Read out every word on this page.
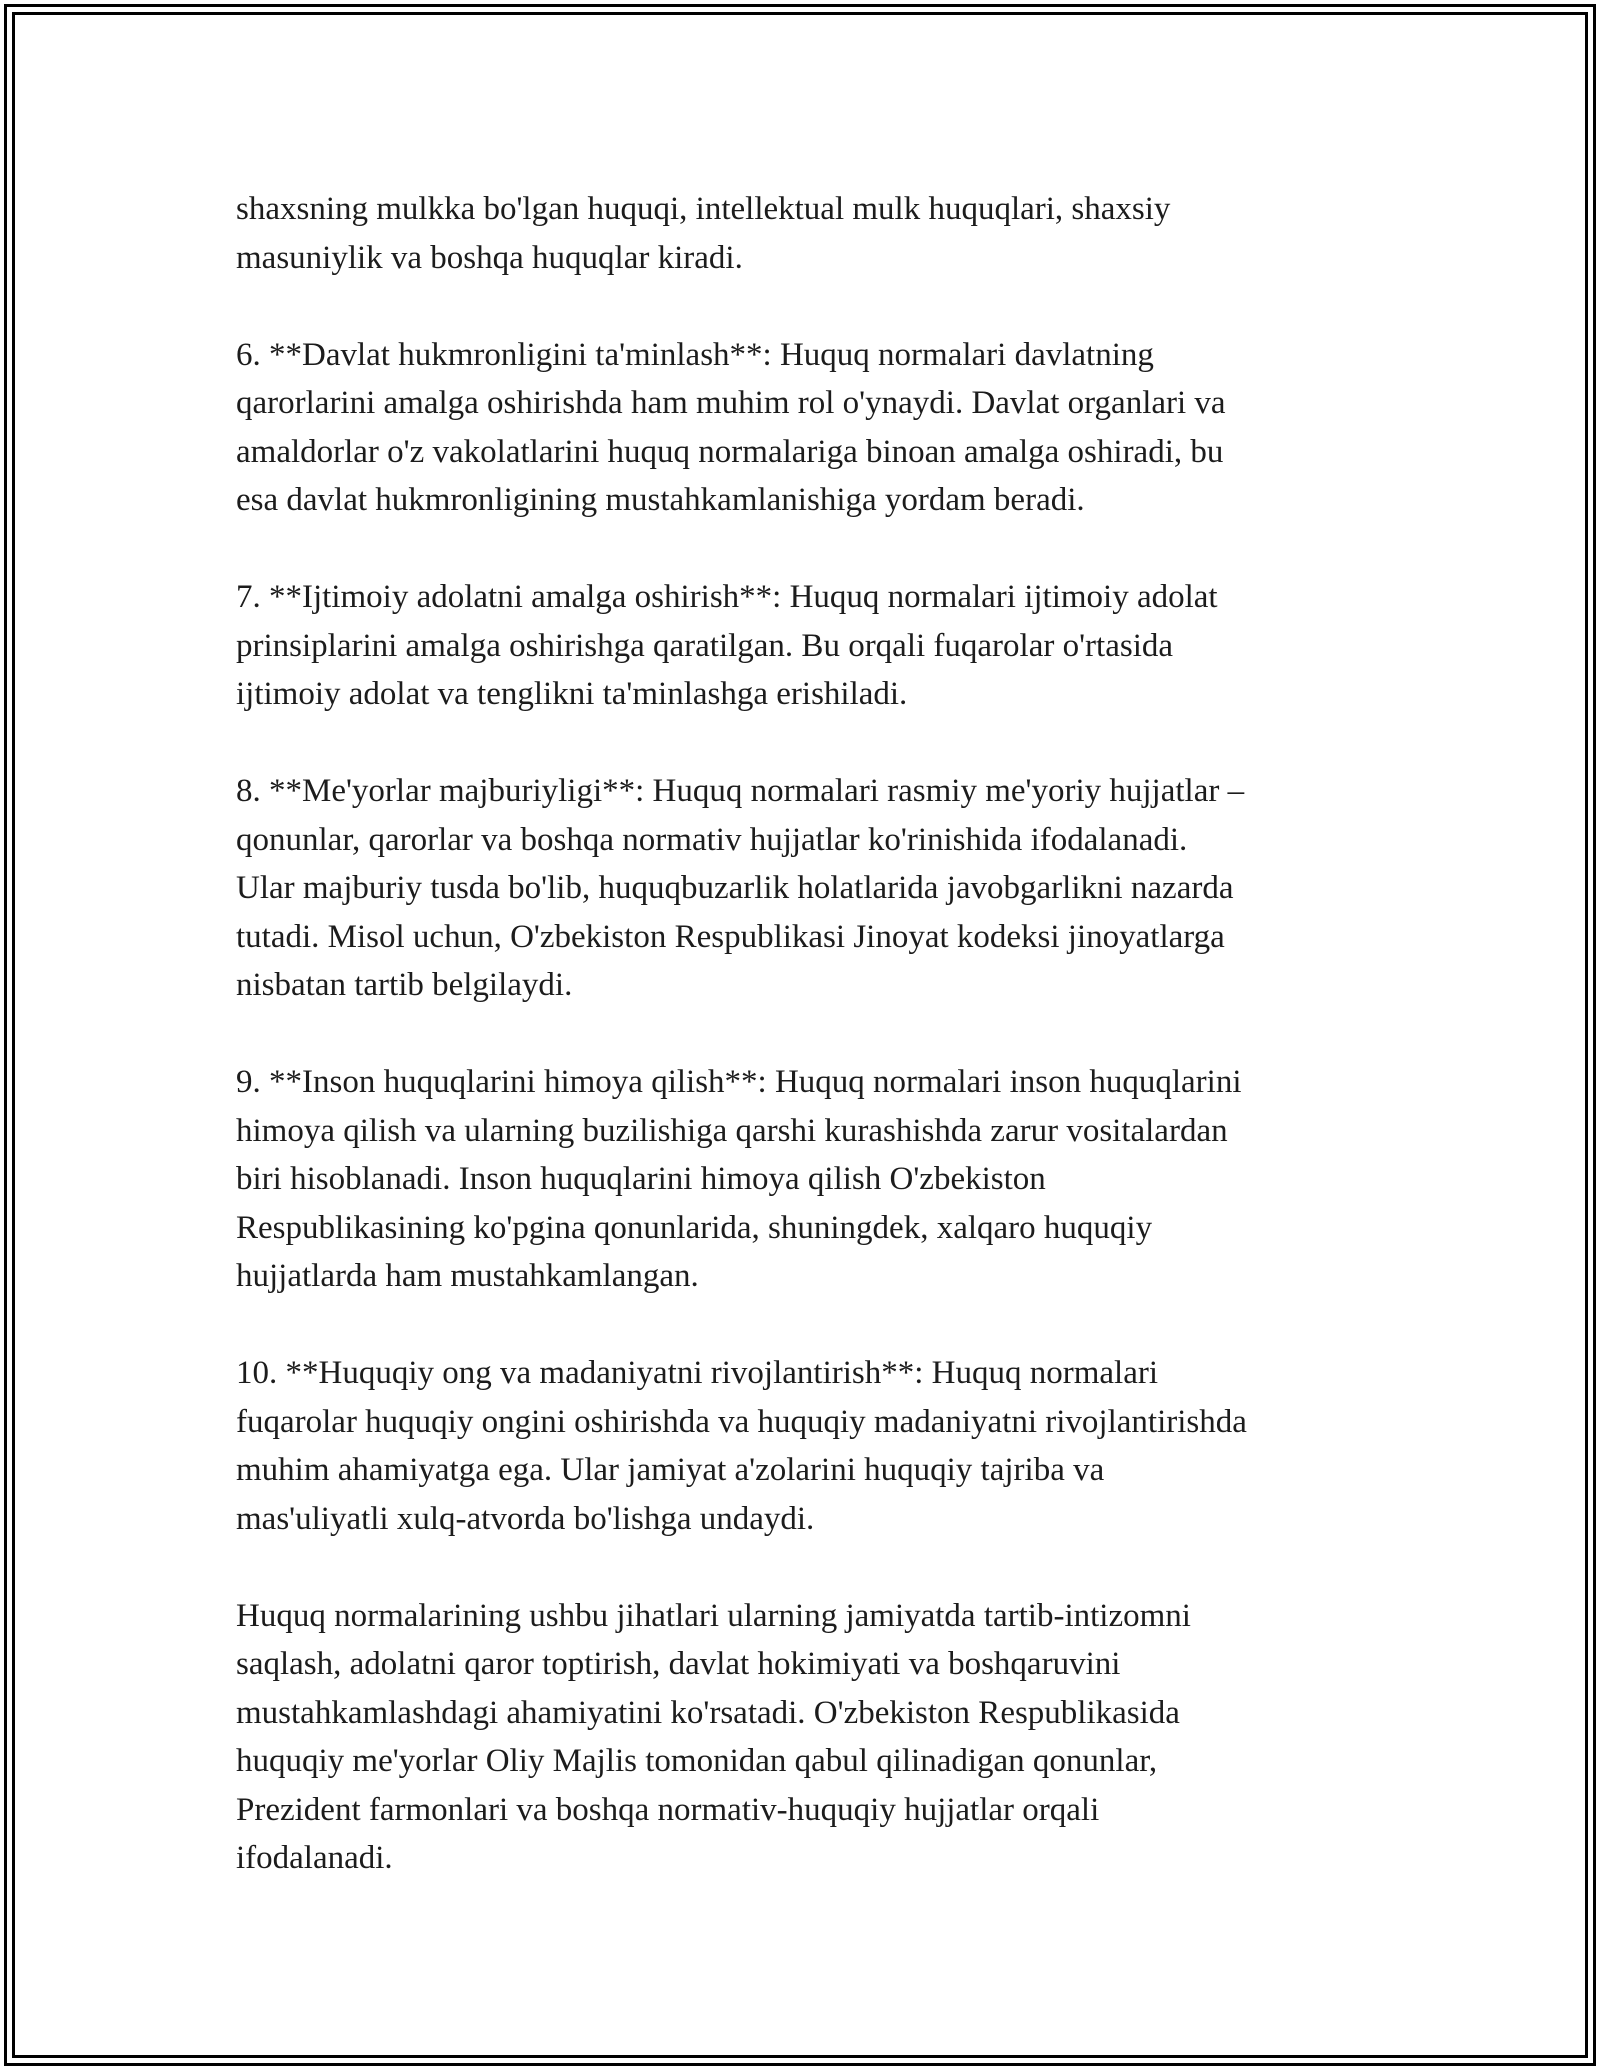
shaxsning mulkka bo'lgan huquqi, intellektual mulk huquqlari, shaxsiy
masuniylik va boshqa huquqlar kiradi.

6. **Davlat hukmronligini ta'minlash**: Huquq normalari davlatning
qarorlarini amalga oshirishda ham muhim rol o'ynaydi. Davlat organlari va
amaldorlar o'z vakolatlarini huquq normalariga binoan amalga oshiradi, bu
esa davlat hukmronligining mustahkamlanishiga yordam beradi.

7. **Ijtimoiy adolatni amalga oshirish**: Huquq normalari ijtimoiy adolat
prinsiplarini amalga oshirishga qaratilgan. Bu orqali fuqarolar o'rtasida
ijtimoiy adolat va tenglikni ta'minlashga erishiladi.

8. **Me'yorlar majburiyligi**: Huquq normalari rasmiy me'yoriy hujjatlar –
qonunlar, qarorlar va boshqa normativ hujjatlar ko'rinishida ifodalanadi.
Ular majburiy tusda bo'lib, huquqbuzarlik holatlarida javobgarlikni nazarda
tutadi. Misol uchun, O'zbekiston Respublikasi Jinoyat kodeksi jinoyatlarga
nisbatan tartib belgilaydi.

9. **Inson huquqlarini himoya qilish**: Huquq normalari inson huquqlarini
himoya qilish va ularning buzilishiga qarshi kurashishda zarur vositalardan
biri hisoblanadi. Inson huquqlarini himoya qilish O'zbekiston
Respublikasining ko'pgina qonunlarida, shuningdek, xalqaro huquqiy
hujjatlarda ham mustahkamlangan.

10. **Huquqiy ong va madaniyatni rivojlantirish**: Huquq normalari
fuqarolar huquqiy ongini oshirishda va huquqiy madaniyatni rivojlantirishda
muhim ahamiyatga ega. Ular jamiyat a'zolarini huquqiy tajriba va
mas'uliyatli xulq-atvorda bo'lishga undaydi.

Huquq normalarining ushbu jihatlari ularning jamiyatda tartib-intizomni
saqlash, adolatni qaror toptirish, davlat hokimiyati va boshqaruvini
mustahkamlashdagi ahamiyatini ko'rsatadi. O'zbekiston Respublikasida
huquqiy me'yorlar Oliy Majlis tomonidan qabul qilinadigan qonunlar,
Prezident farmonlari va boshqa normativ-huquqiy hujjatlar orqali
ifodalanadi.
